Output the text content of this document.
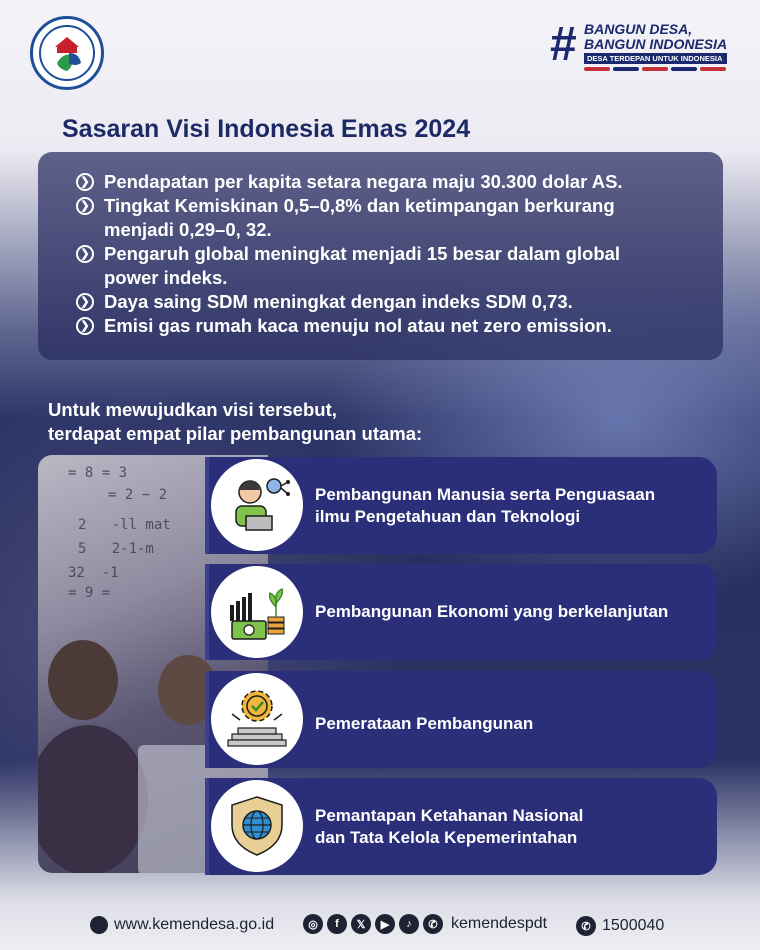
# BANGUN DESA,
BANGUN INDONESIA
DESA TERDEPAN UNTUK INDONESIA
Sasaran Visi Indonesia Emas 2024
❯ Pendapatan per kapita setara negara maju 30.300 dolar AS.
❯ Tingkat Kemiskinan 0,5–0,8% dan ketimpangan berkurang menjadi 0,29–0, 32.
❯ Pengaruh global meningkat menjadi 15 besar dalam global power indeks.
❯ Daya saing SDM meningkat dengan indeks SDM 0,73.
❯ Emisi gas rumah kaca menuju nol atau net zero emission.
Untuk mewujudkan visi tersebut,
terdapat empat pilar pembangunan utama:
= 8 = 3
= 2 − 2
2   -ll mat
5   2-1-m
32  -1
= 9 =
Pembangunan Manusia serta Penguasaan
ilmu Pengetahuan dan Teknologi
Pembangunan Ekonomi yang berkelanjutan
Pemerataan Pembangunan
Pemantapan Ketahanan Nasional
dan Tata Kelola Kepemerintahan
www.kemendesa.go.id	◎	f	𝕏	▶	♪	✆ kemendespdt	✆ 1500040
